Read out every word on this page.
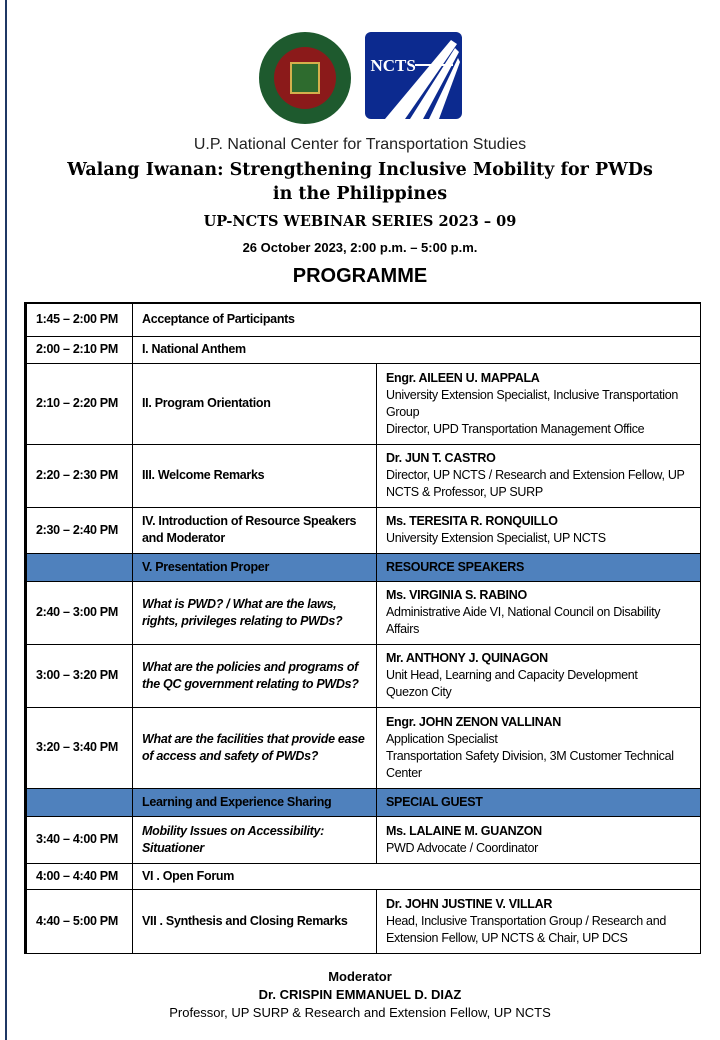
NCTS
U.P. National Center for Transportation Studies
Walang Iwanan: Strengthening Inclusive Mobility for PWDs
in the Philippines
UP-NCTS WEBINAR SERIES 2023 – 09
26 October 2023, 2:00 p.m. – 5:00 p.m.
PROGRAMME
1:45 – 2:00 PM	Acceptance of Participants	
2:00 – 2:10 PM	I. National Anthem	
2:10 – 2:20 PM	II. Program Orientation	Engr. AILEEN U. MAPPALA
University Extension Specialist, Inclusive Transportation Group
Director, UPD Transportation Management Office

2:20 – 2:30 PM	III. Welcome Remarks	Dr. JUN T. CASTRO
Director, UP NCTS / Research and Extension Fellow, UP NCTS & Professor, UP SURP

2:30 – 2:40 PM	IV. Introduction of Resource Speakers and Moderator	Ms. TERESITA R. RONQUILLO
University Extension Specialist, UP NCTS

	V. Presentation Proper	RESOURCE SPEAKERS
2:40 – 3:00 PM	What is PWD? / What are the laws, rights, privileges relating to PWDs?	Ms. VIRGINIA S. RABINO
Administrative Aide VI, National Council on Disability Affairs

3:00 – 3:20 PM	What are the policies and programs of the QC government relating to PWDs?	Mr. ANTHONY J. QUINAGON
Unit Head, Learning and Capacity Development
Quezon City

3:20 – 3:40 PM	What are the facilities that provide ease of access and safety of PWDs?	Engr. JOHN ZENON VALLINAN
Application Specialist
Transportation Safety Division, 3M Customer Technical Center

	Learning and Experience Sharing	SPECIAL GUEST
3:40 – 4:00 PM	Mobility Issues on Accessibility: Situationer	Ms. LALAINE M. GUANZON
PWD Advocate / Coordinator

4:00 – 4:40 PM	VI . Open Forum	
4:40 – 5:00 PM	VII . Synthesis and Closing Remarks	Dr. JOHN JUSTINE V. VILLAR
Head, Inclusive Transportation Group / Research and Extension Fellow, UP NCTS & Chair, UP DCS
Moderator
Dr. CRISPIN EMMANUEL D. DIAZ
Professor, UP SURP & Research and Extension Fellow, UP NCTS
